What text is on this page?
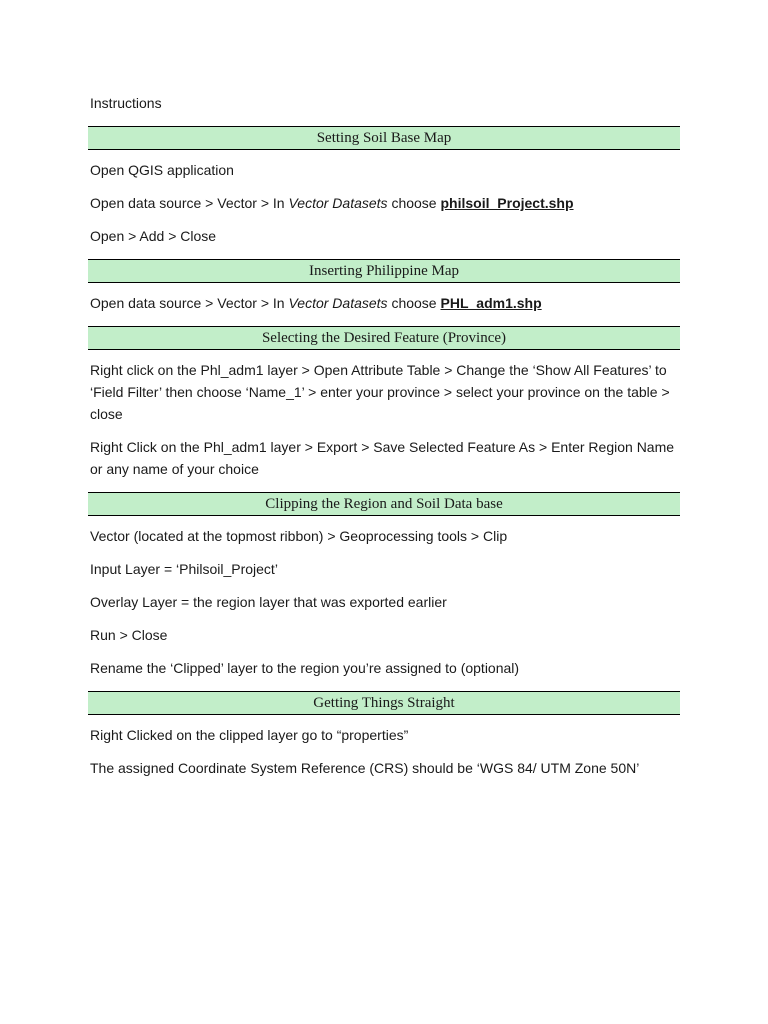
Instructions
Setting Soil Base Map
Open QGIS application
Open data source > Vector > In Vector Datasets choose philsoil_Project.shp
Open > Add > Close
Inserting Philippine Map
Open data source > Vector > In Vector Datasets choose PHL_adm1.shp
Selecting the Desired Feature (Province)
Right click on the Phl_adm1 layer > Open Attribute Table > Change the ‘Show All Features’ to ‘Field Filter’ then choose ‘Name_1’ > enter your province > select your province on the table > close
Right Click on the Phl_adm1 layer > Export > Save Selected Feature As > Enter Region Name or any name of your choice
Clipping the Region and Soil Data base
Vector (located at the topmost ribbon) > Geoprocessing tools > Clip
Input Layer = ‘Philsoil_Project’
Overlay Layer = the region layer that was exported earlier
Run > Close
Rename the ‘Clipped’ layer to the region you’re assigned to (optional)
Getting Things Straight
Right Clicked on the clipped layer go to “properties”
The assigned Coordinate System Reference (CRS) should be ‘WGS 84/ UTM Zone 50N’
